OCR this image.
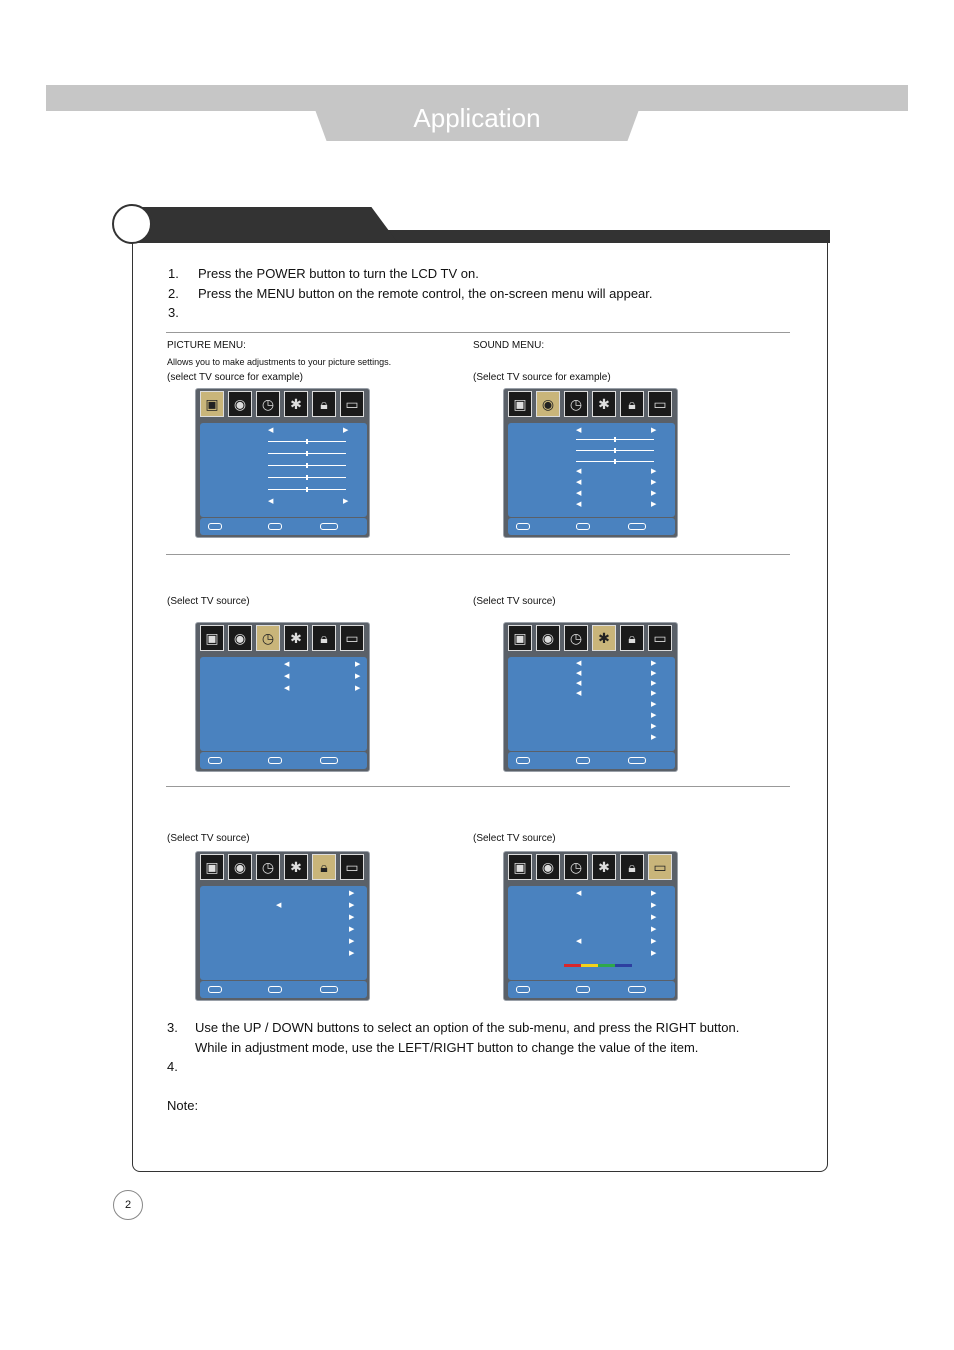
Application
1. Press the POWER button to turn the LCD TV on.
2. Press the MENU button on the remote control, the on-screen menu will appear.
3.
PICTURE MENU:
Allows you to make adjustments to your picture settings.
(select TV source for example)
SOUND MENU:
(Select TV source for example)
▣	◉	◷	✱	🔒︎	▭
◀	▶
◀	▶
▣	◉	◷	✱	🔒︎	▭
◀	▶
◀	▶
◀	▶
◀	▶
◀	▶
(Select TV source)	(Select TV source)
▣	◉	◷	✱	🔒︎	▭
◀	▶
◀	▶
◀	▶
▣	◉	◷	✱	🔒︎	▭
◀	▶
◀	▶
◀	▶
◀	▶
▶
▶
▶
▶
(Select TV source)	(Select TV source)
▣	◉	◷	✱	🔒︎	▭
▶
◀	▶
▶
▶
▶
▶
▣	◉	◷	✱	🔒︎	▭
◀	▶
▶
▶
▶
◀	▶
▶
3. Use the UP / DOWN buttons to select an option of the sub-menu, and press the RIGHT button.
While in adjustment mode, use the LEFT/RIGHT button to change the value of the item.
4.
Note:
2
